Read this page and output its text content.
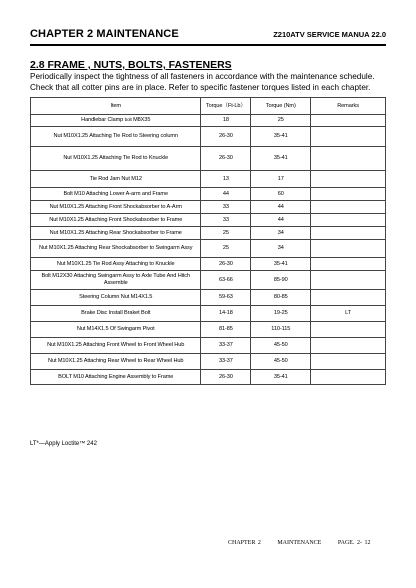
CHAPTER 2 MAINTENANCE	Z210ATV SERVICE MANUA 22.0
2.8 FRAME , NUTS, BOLTS, FASTENERS
Periodically inspect the tightness of all fasteners in accordance with the maintenance schedule. Check that all cotter pins are in place. Refer to specific fastener torques listed in each chapter.
Item	Torque（Ft-Lb）	Torque (Nm)	Remarks
Handlebar Clamp bolt M8X35	18	25	
Nut M10X1.25 Attaching Tie Rod to Steering column	26-30	35-41	
Nut M10X1.25 Attaching Tie Rod to Knuckle	26-30	35-41	
Tie Rod Jam Nut M12	13	17	
Bolt M10 Attaching Lower A-arm and Frame	44	60	
Nut M10X1.25 Attaching Front Shockabsorber to A-Arm	33	44	
Nut M10X1.25 Attaching Front Shockabsorber to Frame	33	44	
Nut M10X1.25 Attaching Rear Shockabsorber to Frame	25	34	
Nut M10X1.25 Attaching Rear Shockabsorber to Swingarm Assy	25	34	
Nut M10X1.25 Tie Rod Assy Attaching to Knuckle	26-30	35-41	
Bolt M12X30 Attaching Swingarm Assy to Axle Tube And Hitch Assemble	63-66	85-90	
Steering Column Nut M14X1.5	59-63	80-85	
Brake Disc Install Braket Bolt	14-18	19-25	LT
Nut M14X1.5 Of Swingarm Pivot	81-85	110-115	
Nut M10X1.25 Attaching Front Wheel to Front Wheel Hub	33-37	45-50	
Nut M10X1.25 Attaching Rear Wheel to Rear Wheel Hub	33-37	45-50	
BOLT M10 Attaching Engine Assembly to Frame	26-30	35-41	
LT*—Apply Loctite™ 242
CHAPTER 2	MAINTENANCE	PAGE. 2- 12
